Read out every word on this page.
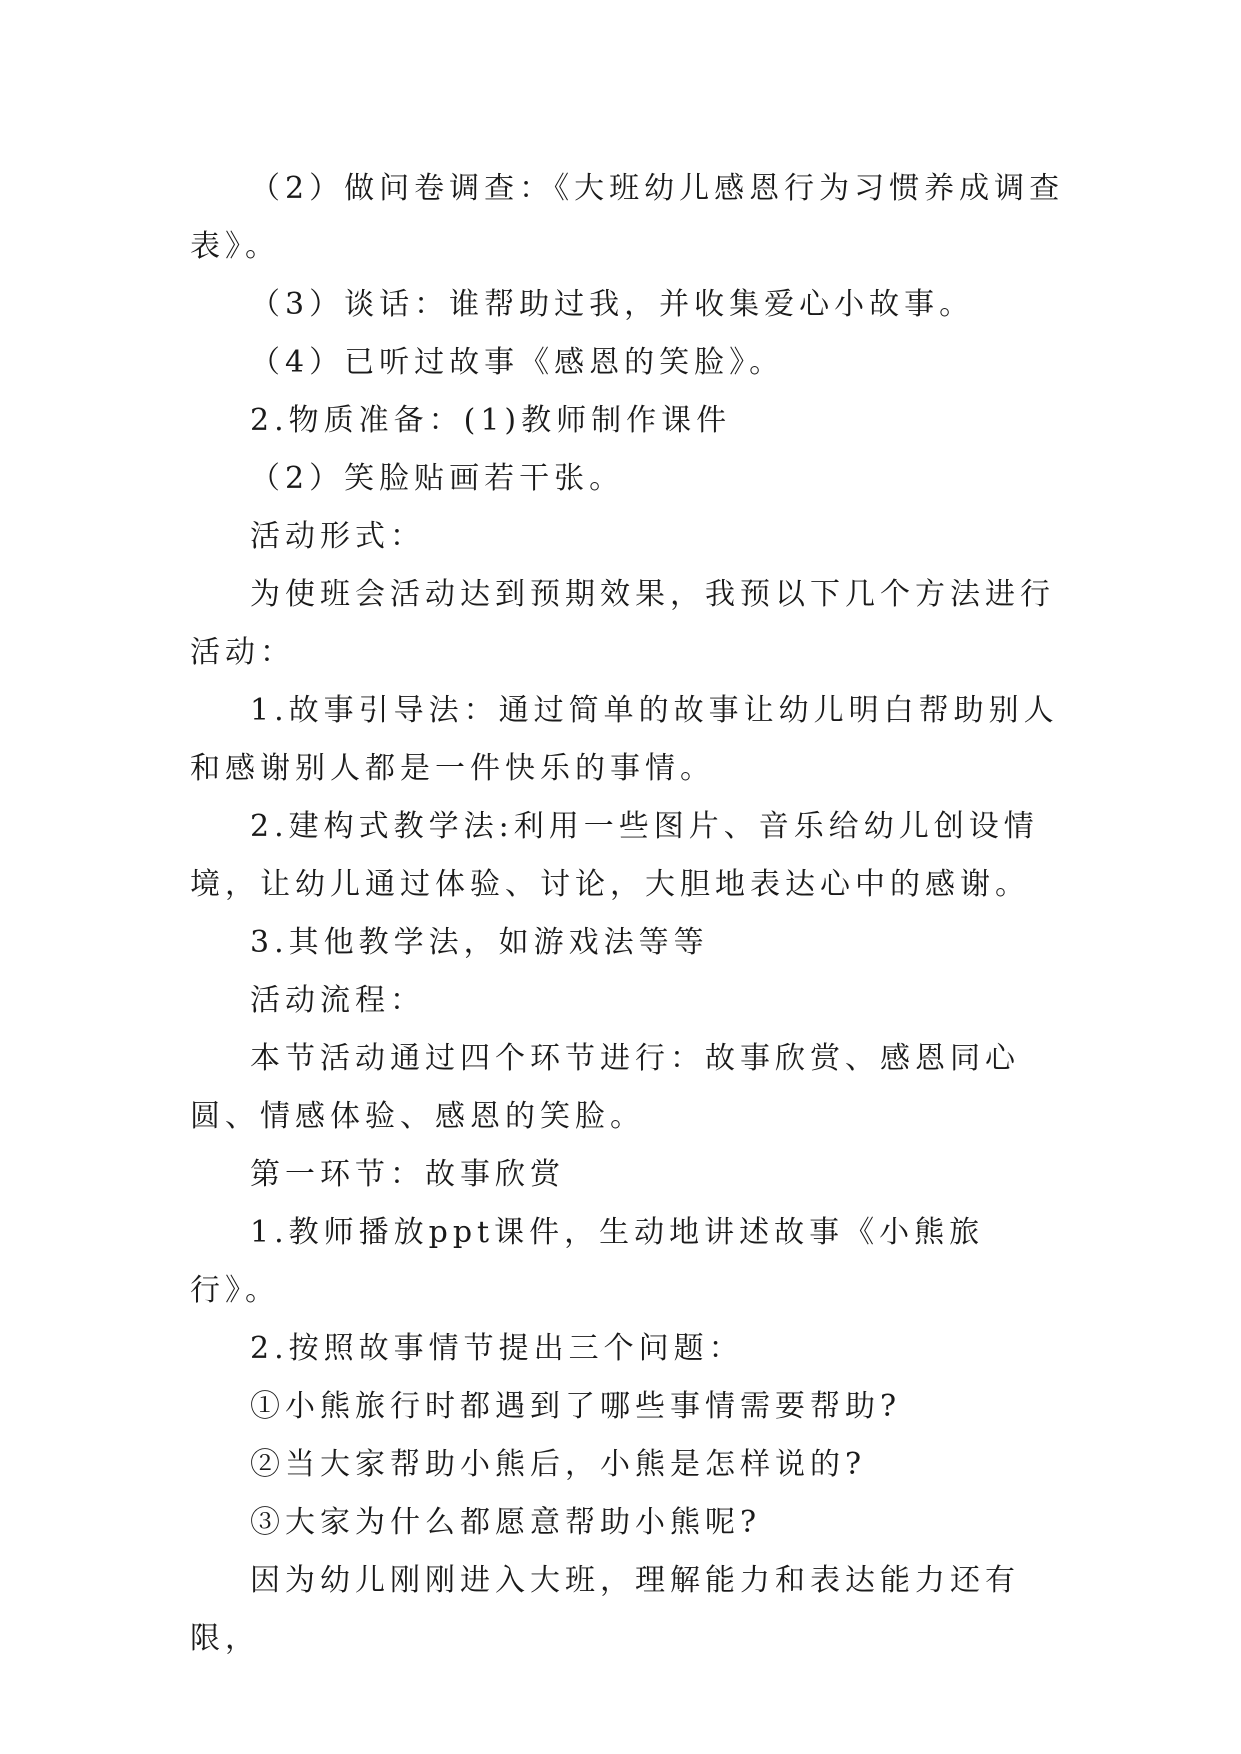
（2）做问卷调查：《大班幼儿感恩行为习惯养成调查表》。

（3）谈话：谁帮助过我，并收集爱心小故事。

（4）已听过故事《感恩的笑脸》。

2.物质准备：(1)教师制作课件

（2）笑脸贴画若干张。

活动形式：

为使班会活动达到预期效果，我预以下几个方法进行活动：

1.故事引导法：通过简单的故事让幼儿明白帮助别人和感谢别人都是一件快乐的事情。

2.建构式教学法:利用一些图片、音乐给幼儿创设情境，让幼儿通过体验、讨论，大胆地表达心中的感谢。

3.其他教学法，如游戏法等等

活动流程：

本节活动通过四个环节进行：故事欣赏、感恩同心圆、情感体验、感恩的笑脸。

第一环节：故事欣赏

1.教师播放ppt课件，生动地讲述故事《小熊旅行》。

2.按照故事情节提出三个问题：

①小熊旅行时都遇到了哪些事情需要帮助?

②当大家帮助小熊后，小熊是怎样说的?

③大家为什么都愿意帮助小熊呢?

因为幼儿刚刚进入大班，理解能力和表达能力还有限，
